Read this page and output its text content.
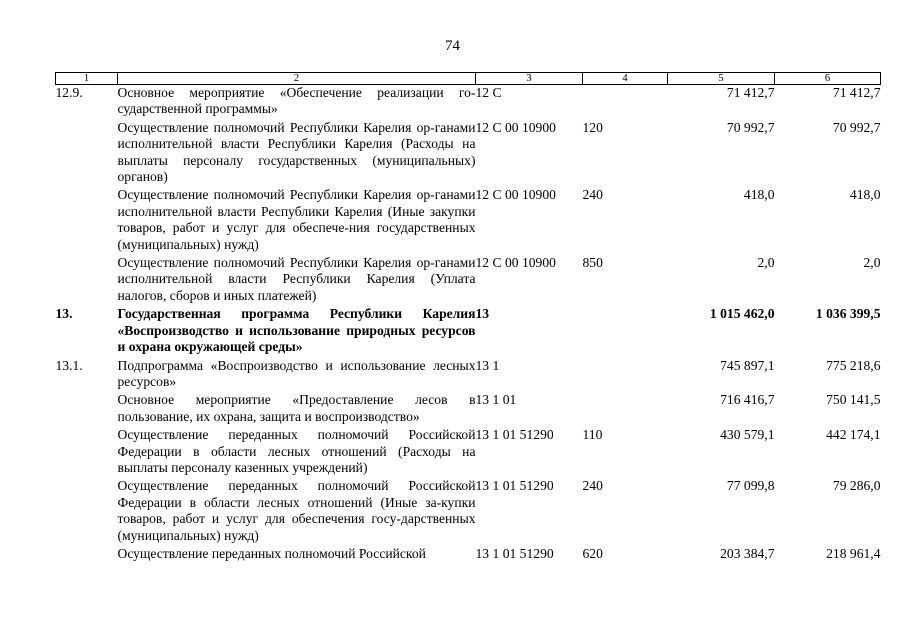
74
1	2	3	4	5	6
12.9.	Основное мероприятие «Обеспечение реализации го-сударственной программы»	12 С		71 412,7	71 412,7
	Осуществление полномочий Республики Карелия ор-ганами исполнительной власти Республики Карелия (Расходы на выплаты персоналу государственных (муниципальных) органов)	12 С 00 10900	120	70 992,7	70 992,7
	Осуществление полномочий Республики Карелия ор-ганами исполнительной власти Республики Карелия (Иные закупки товаров, работ и услуг для обеспече-ния государственных (муниципальных) нужд)	12 С 00 10900	240	418,0	418,0
	Осуществление полномочий Республики Карелия ор-ганами исполнительной власти Республики Карелия (Уплата налогов, сборов и иных платежей)	12 С 00 10900	850	2,0	2,0
13.	Государственная программа Республики Карелия «Воспроизводство и использование природных ресурсов и охрана окружающей среды»	13		1 015 462,0	1 036 399,5
13.1.	Подпрограмма «Воспроизводство и использование лесных ресурсов»	13 1		745 897,1	775 218,6
	Основное мероприятие «Предоставление лесов в пользование, их охрана, защита и воспроизводство»	13 1 01		716 416,7	750 141,5
	Осуществление переданных полномочий Российской Федерации в области лесных отношений (Расходы на выплаты персоналу казенных учреждений)	13 1 01 51290	110	430 579,1	442 174,1
	Осуществление переданных полномочий Российской Федерации в области лесных отношений (Иные за-купки товаров, работ и услуг для обеспечения госу-дарственных (муниципальных) нужд)	13 1 01 51290	240	77 099,8	79 286,0
	Осуществление переданных полномочий Российской	13 1 01 51290	620	203 384,7	218 961,4
